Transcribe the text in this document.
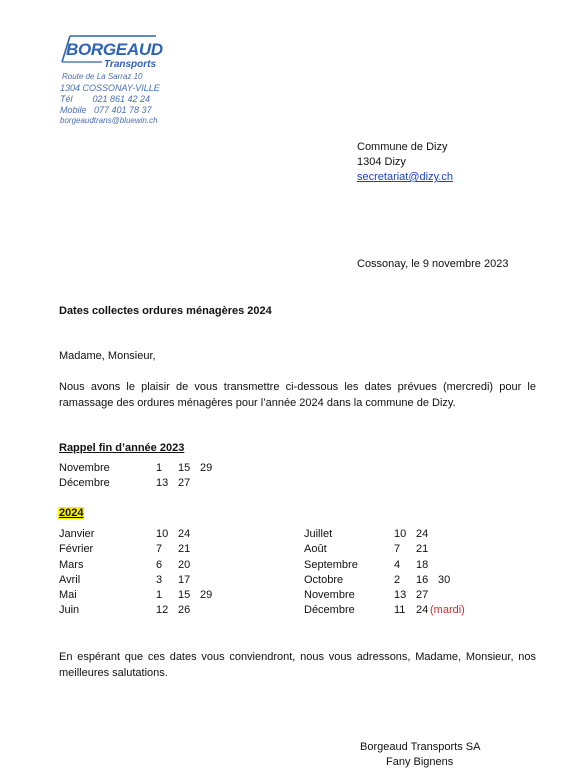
BORGEAUD
Transports
Route de La Sarraz 10
1304 COSSONAY-VILLE
Tél        021 861 42 24
Mobile   077 401 78 37
borgeaudtrans@bluewin.ch
Commune de Dizy
1304 Dizy
secretariat@dizy.ch
Cossonay, le 9 novembre 2023
Dates collectes ordures ménagères 2024
Madame, Monsieur,
Nous avons le plaisir de vous transmettre ci-dessous les dates prévues (mercredi) pour le ramassage des ordures ménagères pour l’année 2024 dans la commune de Dizy.
Rappel fin d’année 2023
Novembre	1 15 29
Décembre	13 27
2024
Janvier	10 24
Février	7 21
Mars	6 20
Avril	3 17
Mai	1 15 29
Juin	12 26
Juillet	10 24
Août	7 21
Septembre	4 18
Octobre	2 16 30
Novembre	13 27
Décembre	11 24 (mardi)
En espérant que ces dates vous conviendront, nous vous adressons, Madame, Monsieur, nos meilleures salutations.
Borgeaud Transports SA
Fany Bignens
